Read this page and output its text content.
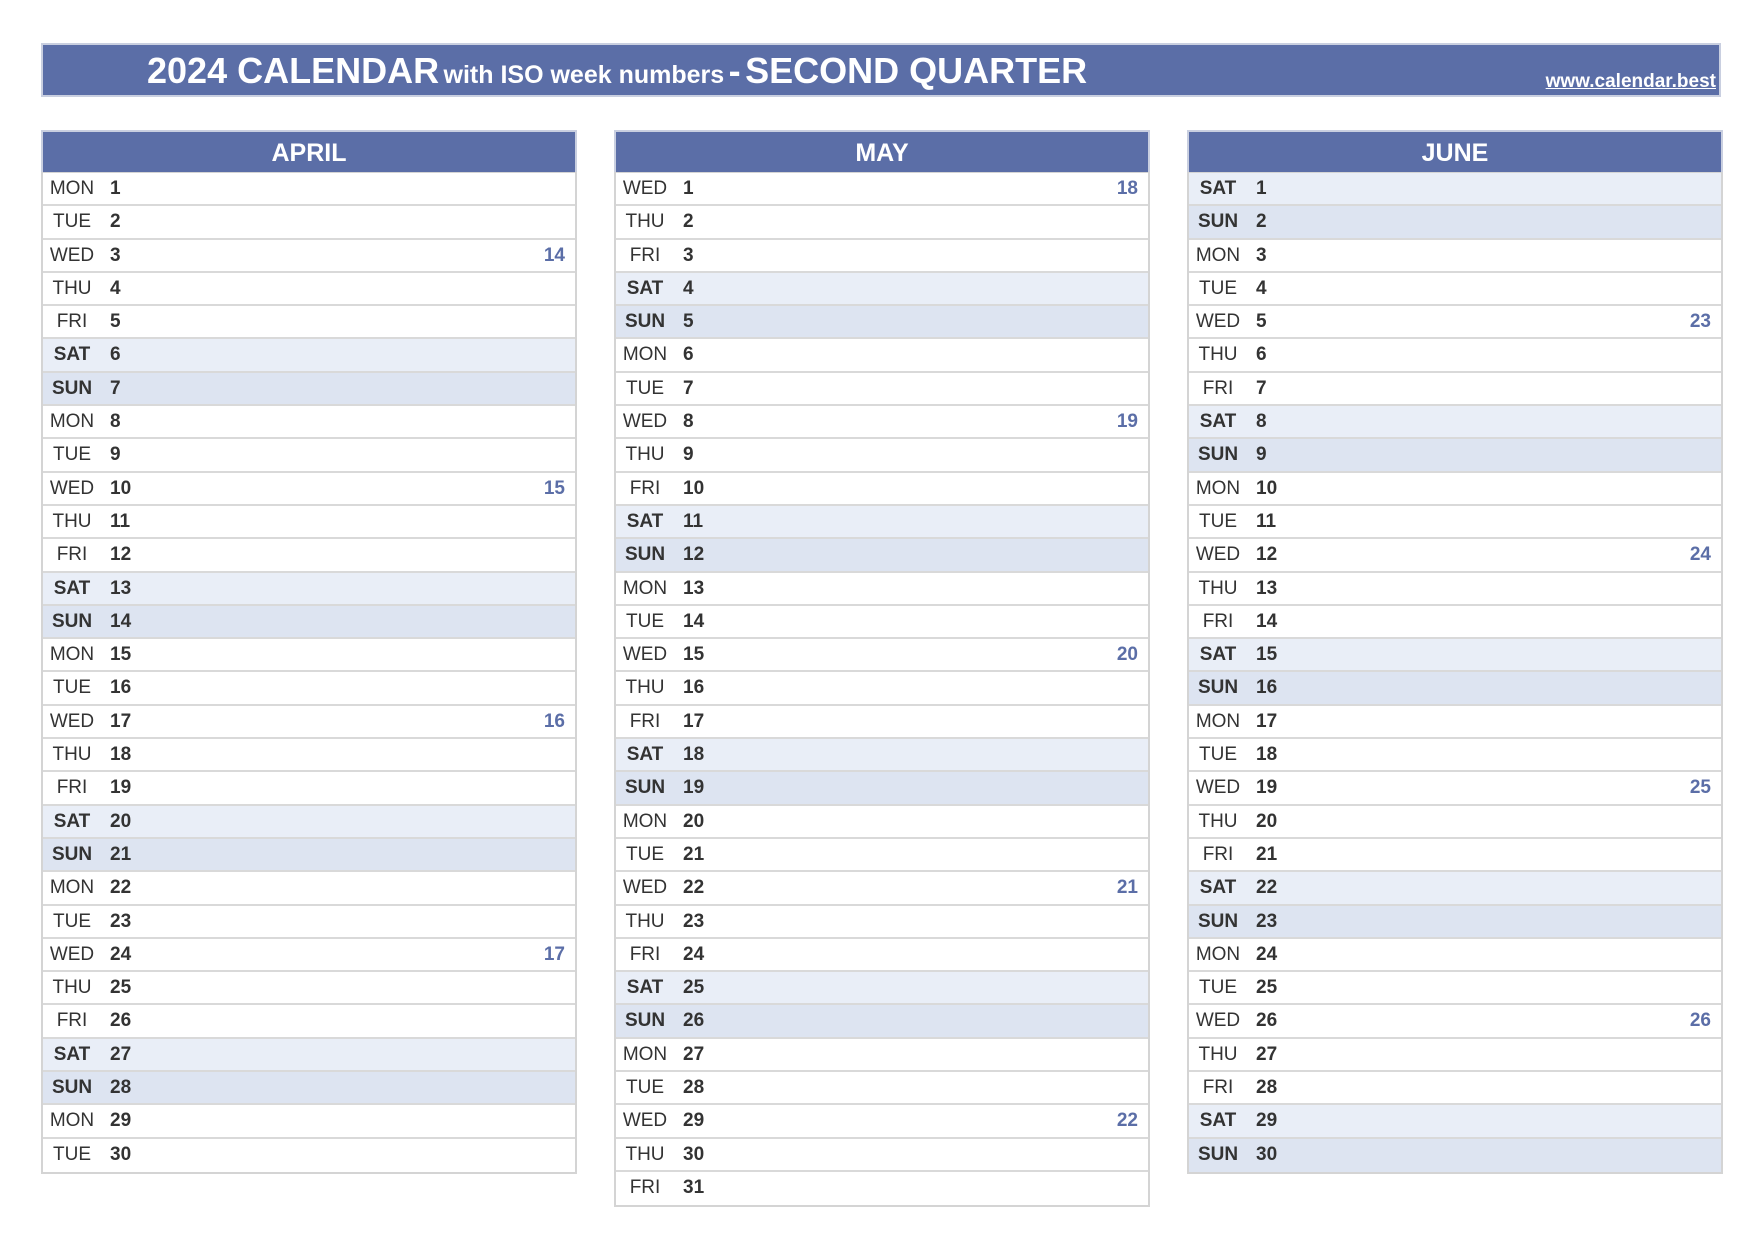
2024 CALENDAR with ISO week numbers - SECOND QUARTER	www.calendar.best
APRIL
MON 1
TUE	2
WED 3	14
THU 4
FRI	5
SAT	6
SUN 7
MON 8
TUE	9
WED 10	15
THU 11
FRI	12
SAT	13
SUN 14
MON 15
TUE	16
WED 17	16
THU 18
FRI	19
SAT	20
SUN 21
MON 22
TUE	23
WED 24	17
THU 25
FRI	26
SAT	27
SUN 28
MON 29
TUE	30
MAY
WED 1	18
THU 2
FRI	3
SAT	4
SUN 5
MON 6
TUE	7
WED 8	19
THU 9
FRI	10
SAT	11
SUN 12
MON 13
TUE	14
WED 15	20
THU 16
FRI	17
SAT	18
SUN 19
MON 20
TUE	21
WED 22	21
THU 23
FRI	24
SAT	25
SUN 26
MON 27
TUE	28
WED 29	22
THU 30
FRI	31
JUNE
SAT	1
SUN 2
MON 3
TUE	4
WED 5	23
THU 6
FRI	7
SAT	8
SUN 9
MON 10
TUE	11
WED 12	24
THU 13
FRI	14
SAT	15
SUN 16
MON 17
TUE	18
WED 19	25
THU 20
FRI	21
SAT	22
SUN 23
MON 24
TUE	25
WED 26	26
THU 27
FRI	28
SAT	29
SUN 30
